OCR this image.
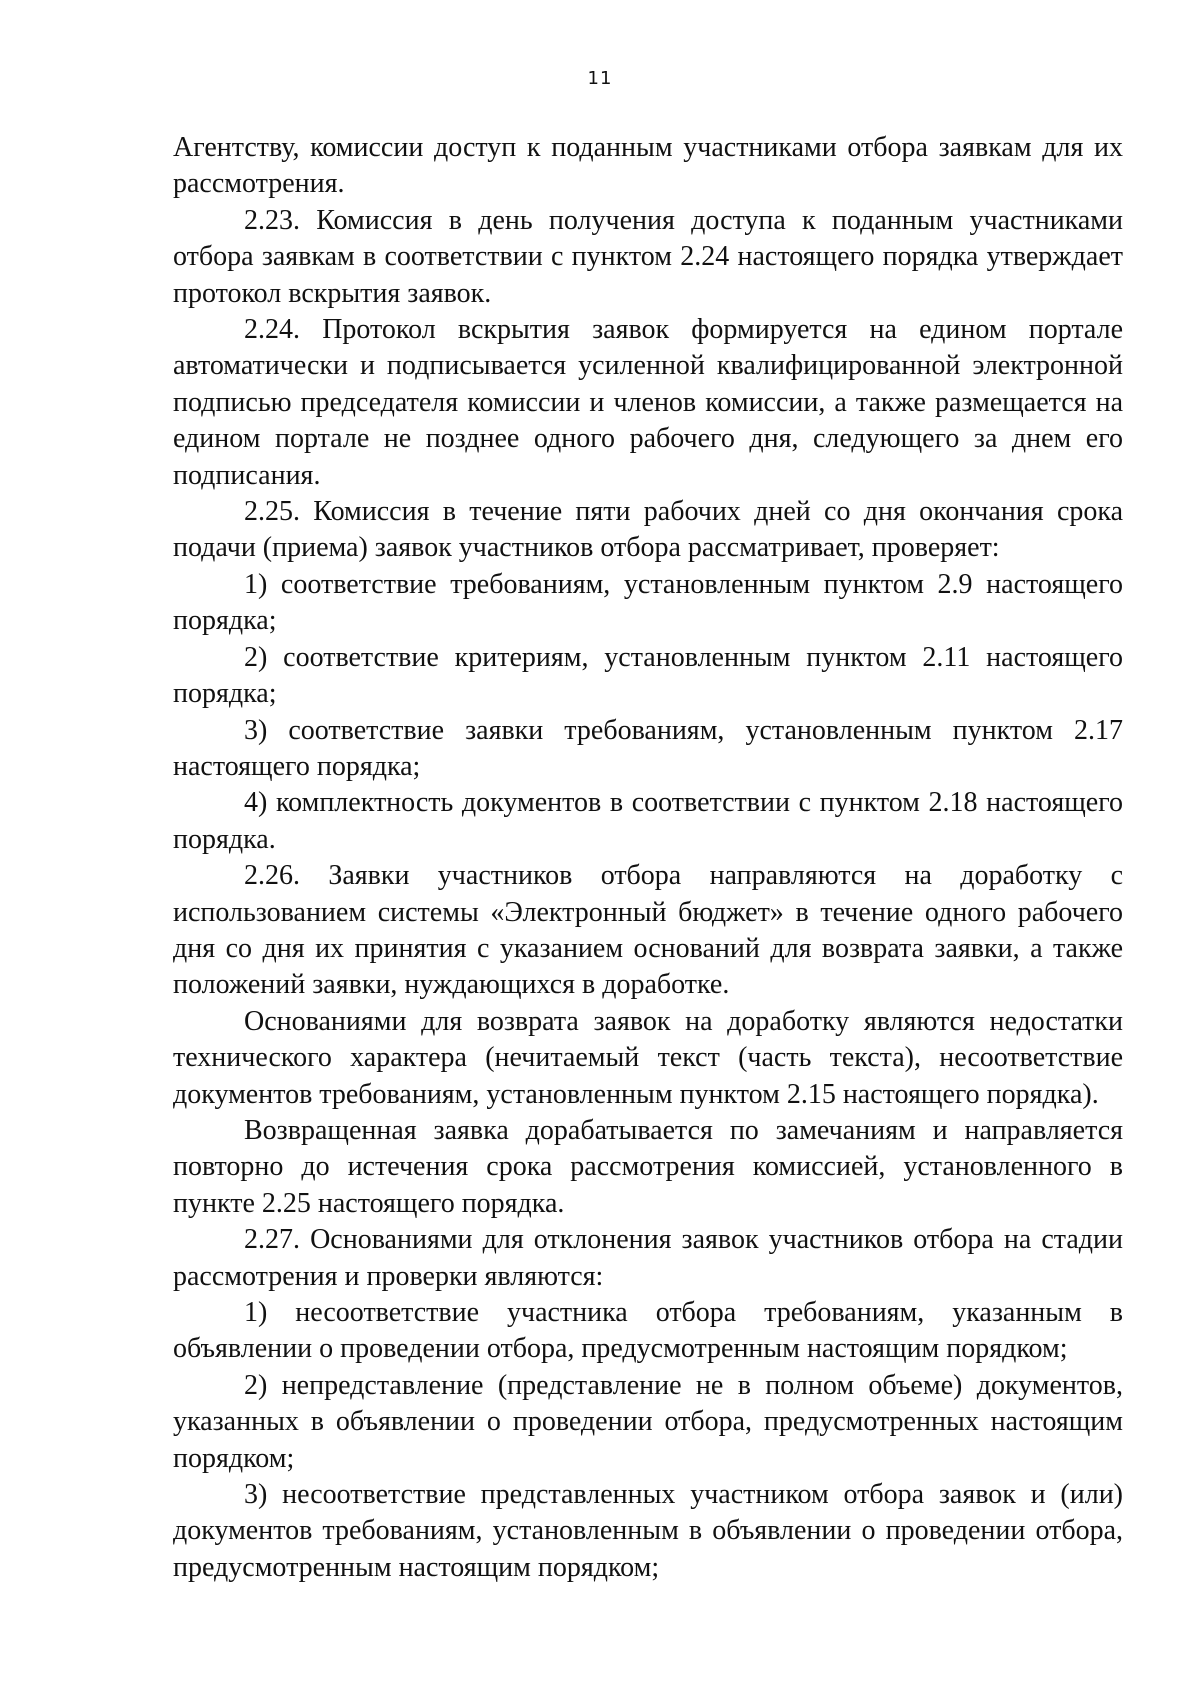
11

Агентству, комиссии доступ к поданным участниками отбора заявкам для их рассмотрения.

2.23. Комиссия в день получения доступа к поданным участниками отбора заявкам в соответствии с пунктом 2.24 настоящего порядка утверждает протокол вскрытия заявок.

2.24. Протокол вскрытия заявок формируется на едином портале автоматически и подписывается усиленной квалифицированной электронной подписью председателя комиссии и членов комиссии, а также размещается на едином портале не позднее одного рабочего дня, следующего за днем его подписания.

2.25. Комиссия в течение пяти рабочих дней со дня окончания срока подачи (приема) заявок участников отбора рассматривает, проверяет:

1) соответствие требованиям, установленным пунктом 2.9 настоящего порядка;

2) соответствие критериям, установленным пунктом 2.11 настоящего порядка;

3) соответствие заявки требованиям, установленным пунктом 2.17 настоящего порядка;

4) комплектность документов в соответствии с пунктом 2.18 настоящего порядка.

2.26. Заявки участников отбора направляются на доработку с использованием системы «Электронный бюджет» в течение одного рабочего дня со дня их принятия с указанием оснований для возврата заявки, а также положений заявки, нуждающихся в доработке.

Основаниями для возврата заявок на доработку являются недостатки технического характера (нечитаемый текст (часть текста), несоответствие документов требованиям, установленным пунктом 2.15 настоящего порядка).

Возвращенная заявка дорабатывается по замечаниям и направляется повторно до истечения срока рассмотрения комиссией, установленного в пункте 2.25 настоящего порядка.

2.27. Основаниями для отклонения заявок участников отбора на стадии рассмотрения и проверки являются:

1) несоответствие участника отбора требованиям, указанным в объявлении о проведении отбора, предусмотренным настоящим порядком;

2) непредставление (представление не в полном объеме) документов, указанных в объявлении о проведении отбора, предусмотренных настоящим порядком;

3) несоответствие представленных участником отбора заявок и (или) документов требованиям, установленным в объявлении о проведении отбора, предусмотренным настоящим порядком;
